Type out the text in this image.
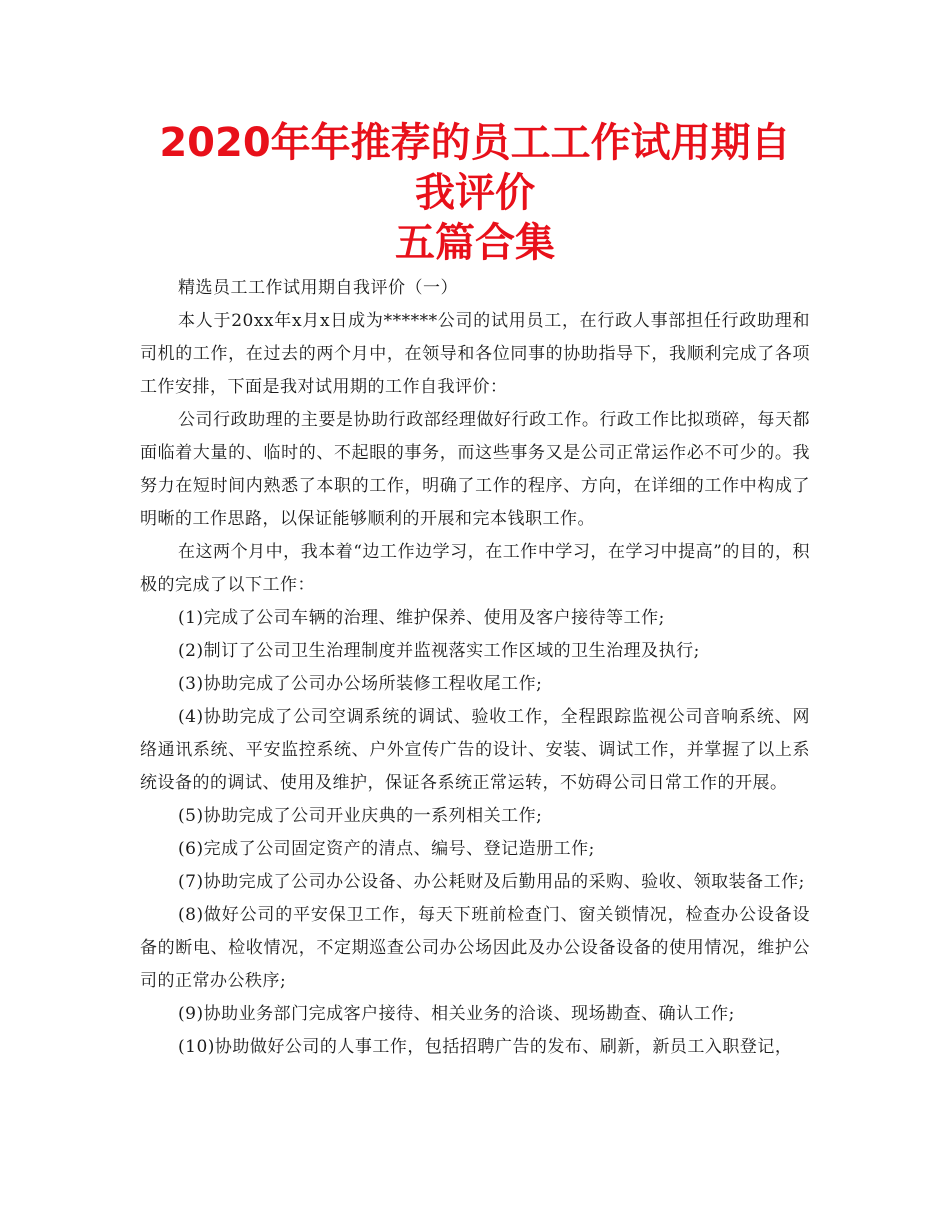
2020年年推荐的员工工作试用期自我评价
五篇合集

精选员工工作试用期自我评价（一）

本人于20xx年x月x日成为******公司的试用员工，在行政人事部担任行政助理和司机的工作，在过去的两个月中，在领导和各位同事的协助指导下，我顺利完成了各项工作安排，下面是我对试用期的工作自我评价：

公司行政助理的主要是协助行政部经理做好行政工作。行政工作比拟琐碎，每天都面临着大量的、临时的、不起眼的事务，而这些事务又是公司正常运作必不可少的。我努力在短时间内熟悉了本职的工作，明确了工作的程序、方向，在详细的工作中构成了明晰的工作思路，以保证能够顺利的开展和完本钱职工作。

在这两个月中，我本着“边工作边学习，在工作中学习，在学习中提高”的目的，积极的完成了以下工作：

(1)完成了公司车辆的治理、维护保养、使用及客户接待等工作;

(2)制订了公司卫生治理制度并监视落实工作区域的卫生治理及执行;

(3)协助完成了公司办公场所装修工程收尾工作;

(4)协助完成了公司空调系统的调试、验收工作，全程跟踪监视公司音响系统、网络通讯系统、平安监控系统、户外宣传广告的设计、安装、调试工作，并掌握了以上系统设备的的调试、使用及维护，保证各系统正常运转，不妨碍公司日常工作的开展。

(5)协助完成了公司开业庆典的一系列相关工作;

(6)完成了公司固定资产的清点、编号、登记造册工作;

(7)协助完成了公司办公设备、办公耗财及后勤用品的采购、验收、领取装备工作;

(8)做好公司的平安保卫工作，每天下班前检查门、窗关锁情况，检查办公设备设备的断电、检收情况，不定期巡查公司办公场因此及办公设备设备的使用情况，维护公司的正常办公秩序;

(9)协助业务部门完成客户接待、相关业务的洽谈、现场勘查、确认工作;

(10)协助做好公司的人事工作，包括招聘广告的发布、刷新，新员工入职登记，
